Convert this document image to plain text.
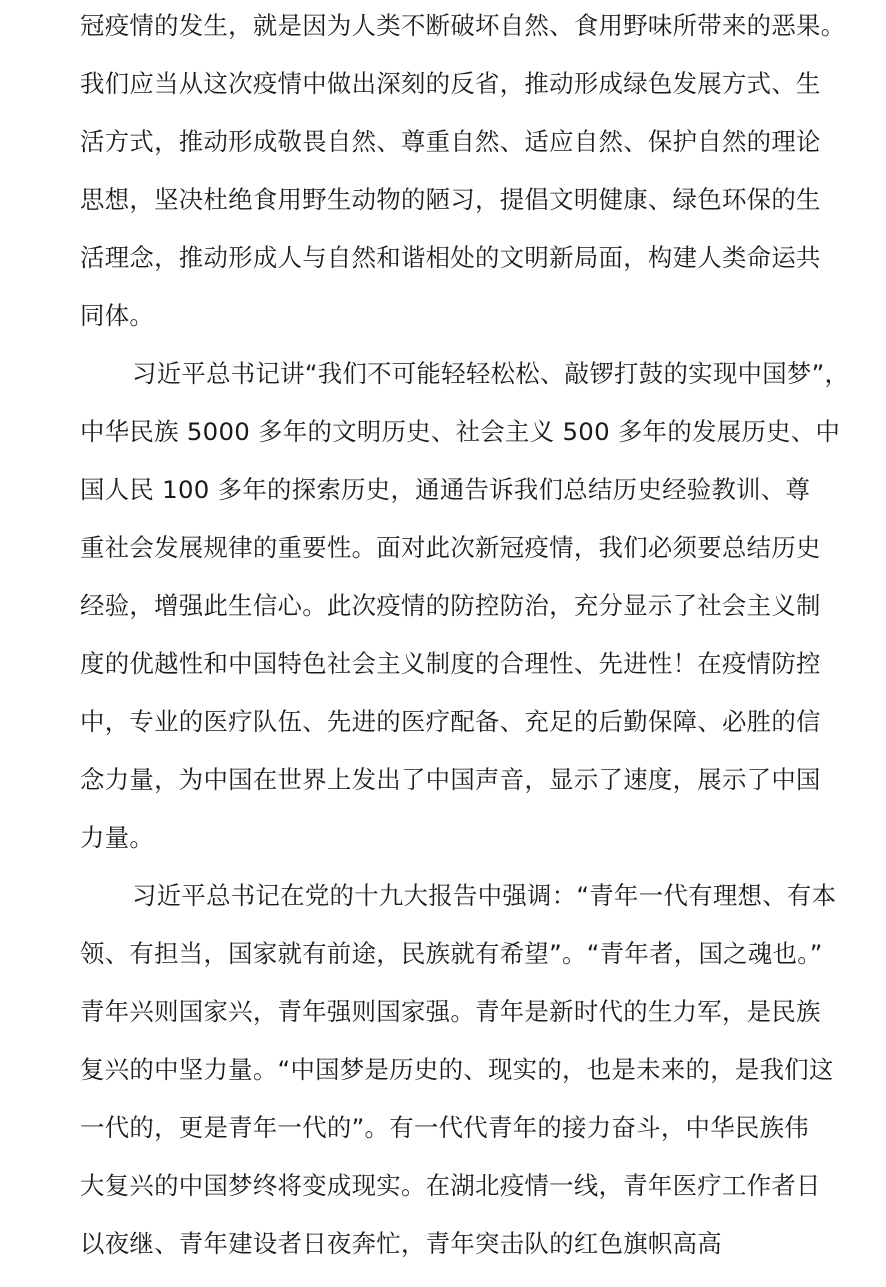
冠疫情的发生，就是因为人类不断破坏自然、食用野味所带来的恶果。
我们应当从这次疫情中做出深刻的反省，推动形成绿色发展方式、生
活方式，推动形成敬畏自然、尊重自然、适应自然、保护自然的理论
思想，坚决杜绝食用野生动物的陋习，提倡文明健康、绿色环保的生
活理念，推动形成人与自然和谐相处的文明新局面，构建人类命运共
同体。
习近平总书记讲“我们不可能轻轻松松、敲锣打鼓的实现中国梦”，
中华民族 5000 多年的文明历史、社会主义 500 多年的发展历史、中
国人民 100 多年的探索历史，通通告诉我们总结历史经验教训、尊
重社会发展规律的重要性。面对此次新冠疫情，我们必须要总结历史
经验，增强此生信心。此次疫情的防控防治，充分显示了社会主义制
度的优越性和中国特色社会主义制度的合理性、先进性！在疫情防控
中，专业的医疗队伍、先进的医疗配备、充足的后勤保障、必胜的信
念力量，为中国在世界上发出了中国声音，显示了速度，展示了中国
力量。
习近平总书记在党的十九大报告中强调：“青年一代有理想、有本
领、有担当，国家就有前途，民族就有希望”。“青年者，国之魂也。”
青年兴则国家兴，青年强则国家强。青年是新时代的生力军，是民族
复兴的中坚力量。“中国梦是历史的、现实的，也是未来的，是我们这
一代的，更是青年一代的”。有一代代青年的接力奋斗，中华民族伟
大复兴的中国梦终将变成现实。在湖北疫情一线，青年医疗工作者日
以夜继、青年建设者日夜奔忙，青年突击队的红色旗帜高高
